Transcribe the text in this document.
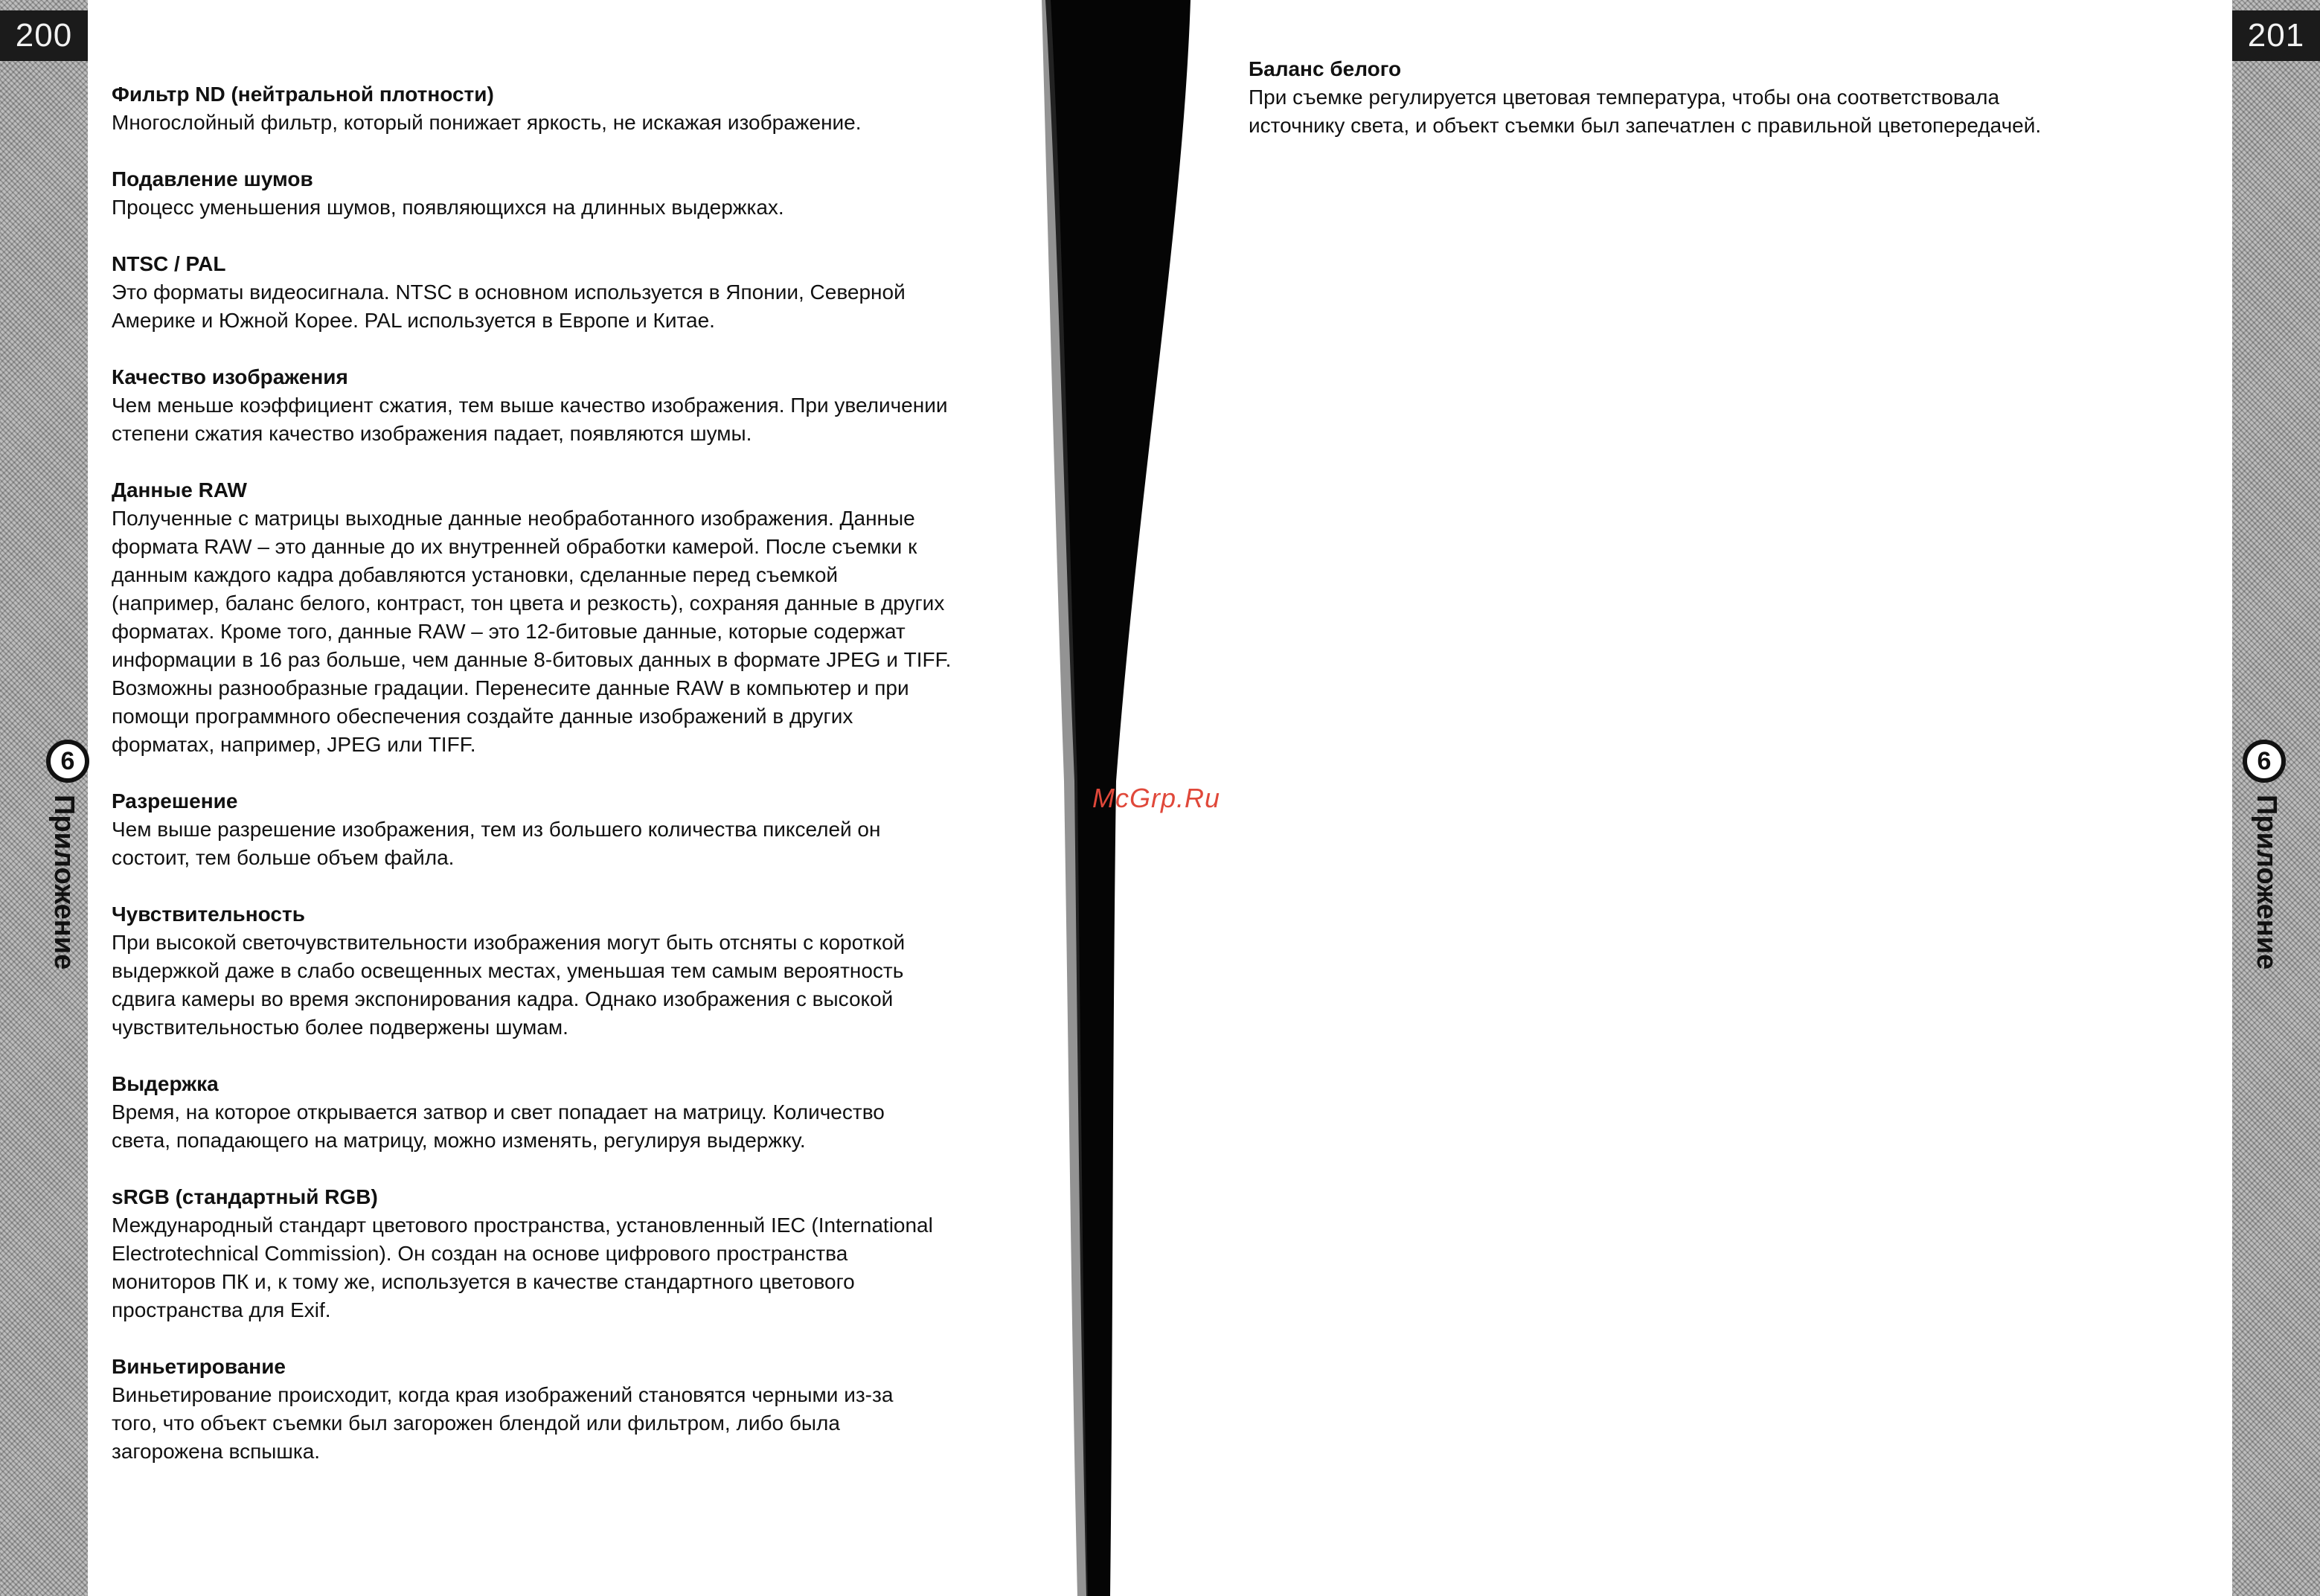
200
6
Приложение

Фильтр ND (нейтральной плотности)

Многослойный фильтр, который понижает яркость, не искажая изображение.

Подавление шумов

Процесс уменьшения шумов, появляющихся на длинных выдержках.

NTSC / PAL

Это форматы видеосигнала. NTSC в основном используется в Японии, Северной

Америке и Южной Корее. PAL используется в Европе и Китае.

Качество изображения

Чем меньше коэффициент сжатия, тем выше качество изображения. При увеличении

степени сжатия качество изображения падает, появляются шумы.

Данные RAW

Полученные с матрицы выходные данные необработанного изображения. Данные

формата RAW – это данные до их внутренней обработки камерой. После съемки к

данным каждого кадра добавляются установки, сделанные перед съемкой

(например, баланс белого, контраст, тон цвета и резкость), сохраняя данные в других

форматах. Кроме того, данные RAW – это 12-битовые данные, которые содержат

информации в 16 раз больше, чем данные 8-битовых данных в формате JPEG и TIFF.

Возможны разнообразные градации. Перенесите данные RAW в компьютер и при

помощи программного обеспечения создайте данные изображений в других

форматах, например, JPEG или TIFF.

Разрешение

Чем выше разрешение изображения, тем из большего количества пикселей он

состоит, тем больше объем файла.

Чувствительность

При высокой светочувствительности изображения могут быть отсняты с короткой

выдержкой даже в слабо освещенных местах, уменьшая тем самым вероятность

сдвига камеры во время экспонирования кадра. Однако изображения с высокой

чувствительностью более подвержены шумам.

Выдержка

Время, на которое открывается затвор и свет попадает на матрицу. Количество

света, попадающего на матрицу, можно изменять, регулируя выдержку.

sRGB (стандартный RGB)

Международный стандарт цветового пространства, установленный IEC (International

Electrotechnical Commission). Он создан на основе цифрового пространства

мониторов ПК и, к тому же, используется в качестве стандартного цветового

пространства для Exif.

Виньетирование

Виньетирование происходит, когда края изображений становятся черными из-за

того, что объект съемки был загорожен блендой или фильтром, либо была

загорожена вспышка.

201
6
Приложение

Баланс белого

При съемке регулируется цветовая температура, чтобы она соответствовала

источнику света, и объект съемки был запечатлен с правильной цветопередачей.

McGrp.Ru
